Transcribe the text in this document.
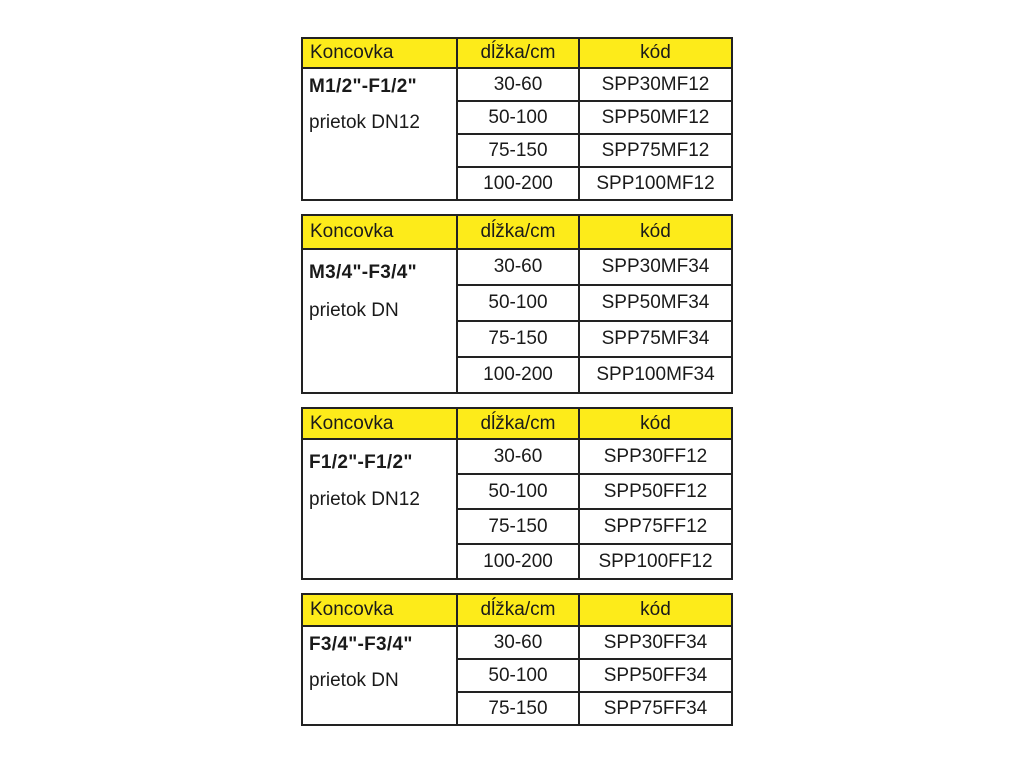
Koncovka	dĺžka/cm	kód

M1/2"-F1/2"
prietok DN12	30-60	SPP30MF12
	50-100	SPP50MF12
	75-150	SPP75MF12
	100-200	SPP100MF12
Koncovka	dĺžka/cm	kód

M3/4"-F3/4"
prietok DN	30-60	SPP30MF34
	50-100	SPP50MF34
	75-150	SPP75MF34
	100-200	SPP100MF34
Koncovka	dĺžka/cm	kód

F1/2"-F1/2"
prietok DN12	30-60	SPP30FF12
	50-100	SPP50FF12
	75-150	SPP75FF12
	100-200	SPP100FF12
Koncovka	dĺžka/cm	kód

F3/4"-F3/4"
prietok DN	30-60	SPP30FF34
	50-100	SPP50FF34
	75-150	SPP75FF34
